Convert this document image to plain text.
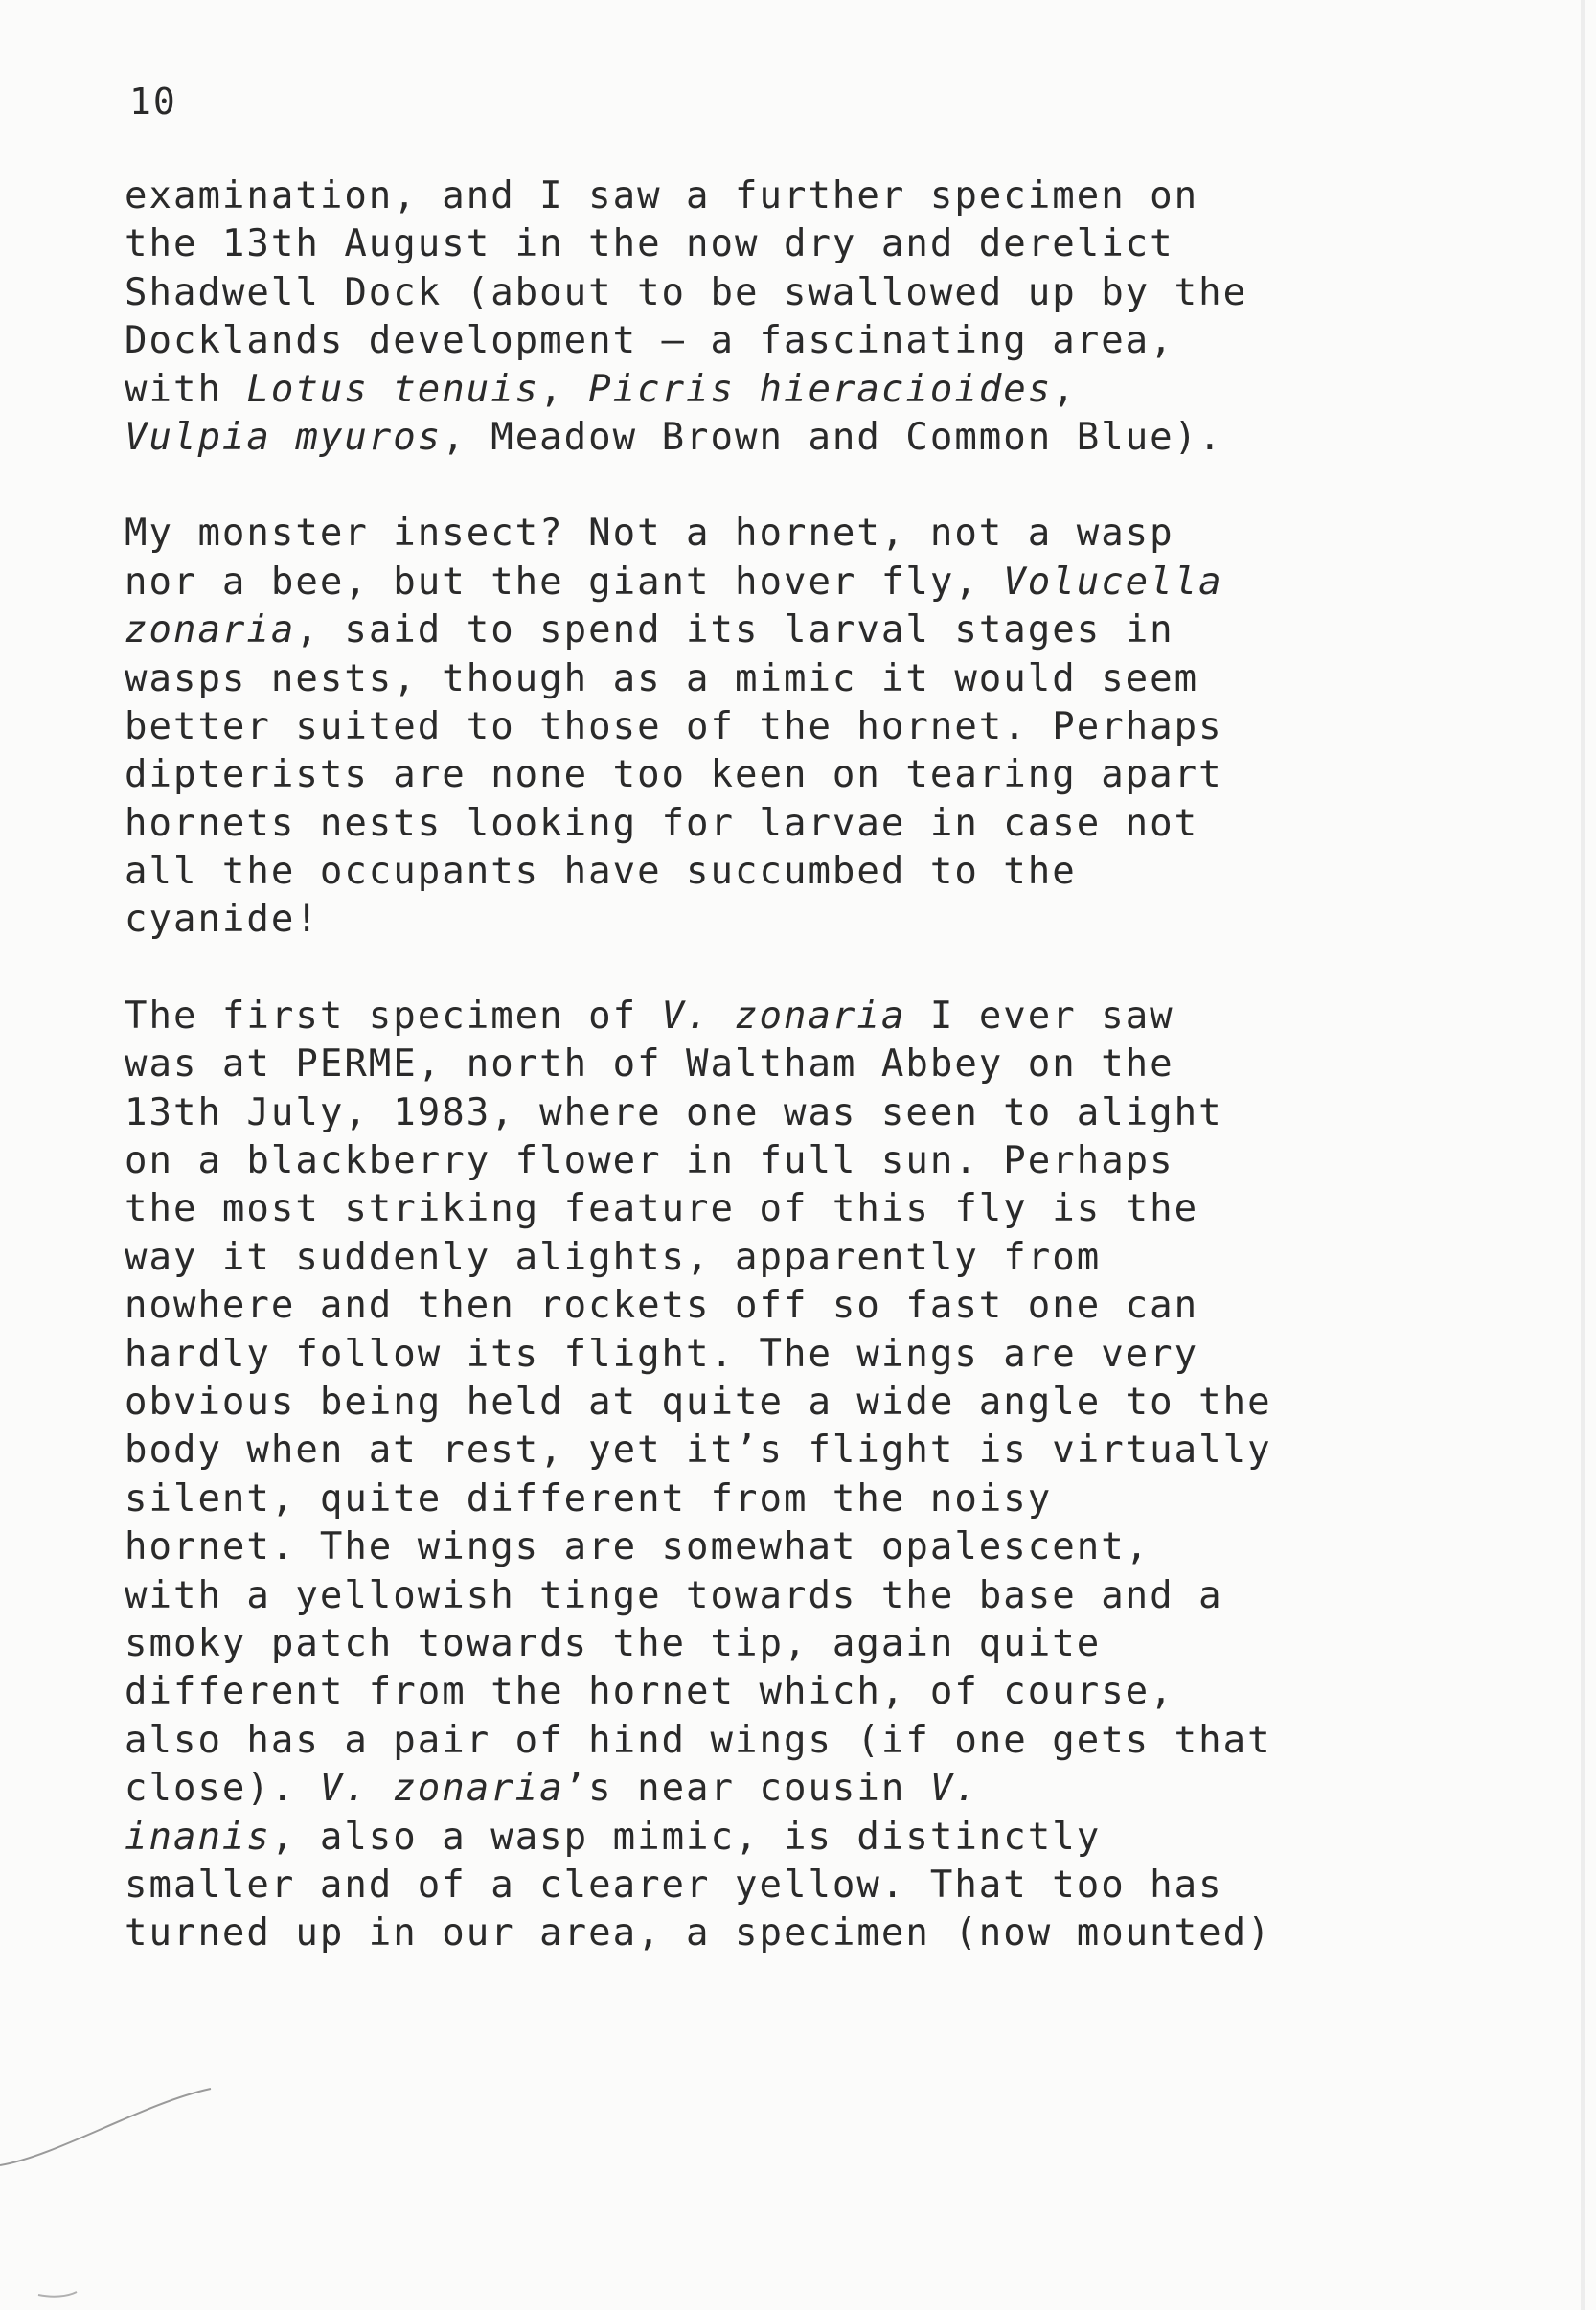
10
examination, and I saw a further specimen on
the 13th August in the now dry and derelict
Shadwell Dock (about to be swallowed up by the
Docklands development – a fascinating area,
with Lotus tenuis, Picris hieracioides,
Vulpia myuros, Meadow Brown and Common Blue).
My monster insect? Not a hornet, not a wasp
nor a bee, but the giant hover fly, Volucella
zonaria, said to spend its larval stages in
wasps nests, though as a mimic it would seem
better suited to those of the hornet. Perhaps
dipterists are none too keen on tearing apart
hornets nests looking for larvae in case not
all the occupants have succumbed to the
cyanide!
The first specimen of V. zonaria I ever saw
was at PERME, north of Waltham Abbey on the
13th July, 1983, where one was seen to alight
on a blackberry flower in full sun. Perhaps
the most striking feature of this fly is the
way it suddenly alights, apparently from
nowhere and then rockets off so fast one can
hardly follow its flight. The wings are very
obvious being held at quite a wide angle to the
body when at rest, yet it’s flight is virtually
silent, quite different from the noisy
hornet. The wings are somewhat opalescent,
with a yellowish tinge towards the base and a
smoky patch towards the tip, again quite
different from the hornet which, of course,
also has a pair of hind wings (if one gets that
close). V. zonaria’s near cousin V.
inanis, also a wasp mimic, is distinctly
smaller and of a clearer yellow. That too has
turned up in our area, a specimen (now mounted)
